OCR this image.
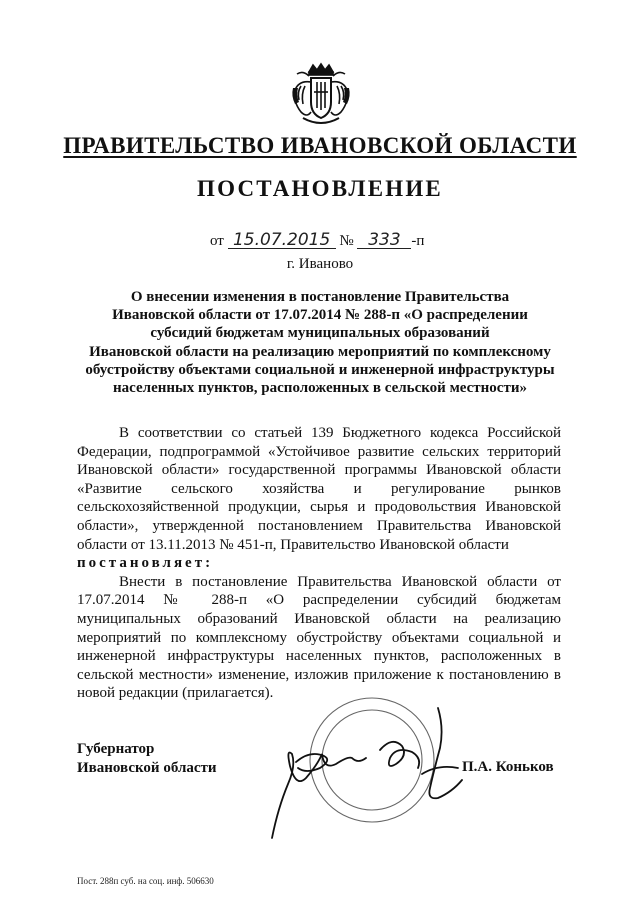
ПРАВИТЕЛЬСТВО ИВАНОВСКОЙ ОБЛАСТИ
ПОСТАНОВЛЕНИЕ
от 15.07.2015 № 333 -п
г. Иваново
О внесении изменения в постановление Правительства
Ивановской области от 17.07.2014 № 288-п «О распределении
субсидий бюджетам муниципальных образований
Ивановской области на реализацию мероприятий по комплексному
обустройству объектами социальной и инженерной инфраструктуры
населенных пунктов, расположенных в сельской местности»

В соответствии со статьей 139 Бюджетного кодекса Российской Федерации, подпрограммой «Устойчивое развитие сельских территорий Ивановской области» государственной программы Ивановской области «Развитие сельского хозяйства и регулирование рынков сельскохозяйственной продукции, сырья и продовольствия Ивановской области», утвержденной постановлением Правительства Ивановской области от 13.11.2013 № 451-п, Правительство Ивановской области

постановляет:

Внести в постановление Правительства Ивановской области от 17.07.2014 № 288-п «О распределении субсидий бюджетам муниципальных образований Ивановской области на реализацию мероприятий по комплексному обустройству объектами социальной и инженерной инфраструктуры населенных пунктов, расположенных в сельской местности» изменение, изложив приложение к постановлению в новой редакции (прилагается).

Губернатор
Ивановской области	П.А. Коньков
Пост. 288п суб. на соц. инф. 506630
